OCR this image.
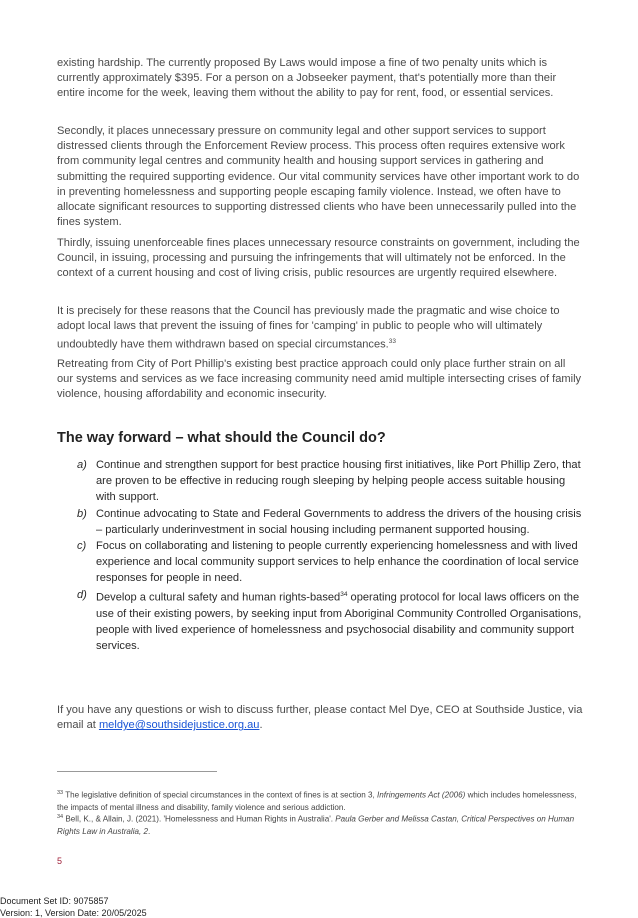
existing hardship. The currently proposed By Laws would impose a fine of two penalty units which is currently approximately $395. For a person on a Jobseeker payment, that's potentially more than their entire income for the week, leaving them without the ability to pay for rent, food, or essential services.

Secondly, it places unnecessary pressure on community legal and other support services to support distressed clients through the Enforcement Review process. This process often requires extensive work from community legal centres and community health and housing support services in gathering and submitting the required supporting evidence. Our vital community services have other important work to do in preventing homelessness and supporting people escaping family violence. Instead, we often have to allocate significant resources to supporting distressed clients who have been unnecessarily pulled into the fines system.

Thirdly, issuing unenforceable fines places unnecessary resource constraints on government, including the Council, in issuing, processing and pursuing the infringements that will ultimately not be enforced. In the context of a current housing and cost of living crisis, public resources are urgently required elsewhere.

It is precisely for these reasons that the Council has previously made the pragmatic and wise choice to adopt local laws that prevent the issuing of fines for 'camping' in public to people who will ultimately undoubtedly have them withdrawn based on special circumstances.$^{33}$

Retreating from City of Port Phillip's existing best practice approach could only place further strain on all our systems and services as we face increasing community need amid multiple intersecting crises of family violence, housing affordability and economic insecurity.

The way forward – what should the Council do?
a) Continue and strengthen support for best practice housing first initiatives, like Port Phillip Zero, that are proven to be effective in reducing rough sleeping by helping people access suitable housing with support.
b) Continue advocating to State and Federal Governments to address the drivers of the housing crisis – particularly underinvestment in social housing including permanent supported housing.
c) Focus on collaborating and listening to people currently experiencing homelessness and with lived experience and local community support services to help enhance the coordination of local service responses for people in need.
d) Develop a cultural safety and human rights-based$^{34}$ operating protocol for local laws officers on the use of their existing powers, by seeking input from Aboriginal Community Controlled Organisations, people with lived experience of homelessness and psychosocial disability and community support services.

If you have any questions or wish to discuss further, please contact Mel Dye, CEO at Southside Justice, via email at meldye@southsidejustice.org.au.

$^{33}$ The legislative definition of special circumstances in the context of fines is at section 3, Infringements Act (2006) which includes homelessness, the impacts of mental illness and disability, family violence and serious addiction.

$^{34}$ Bell, K., & Allain, J. (2021). 'Homelessness and Human Rights in Australia'. Paula Gerber and Melissa Castan, Critical Perspectives on Human Rights Law in Australia, 2.

5
Document Set ID: 9075857
Version: 1, Version Date: 20/05/2025
